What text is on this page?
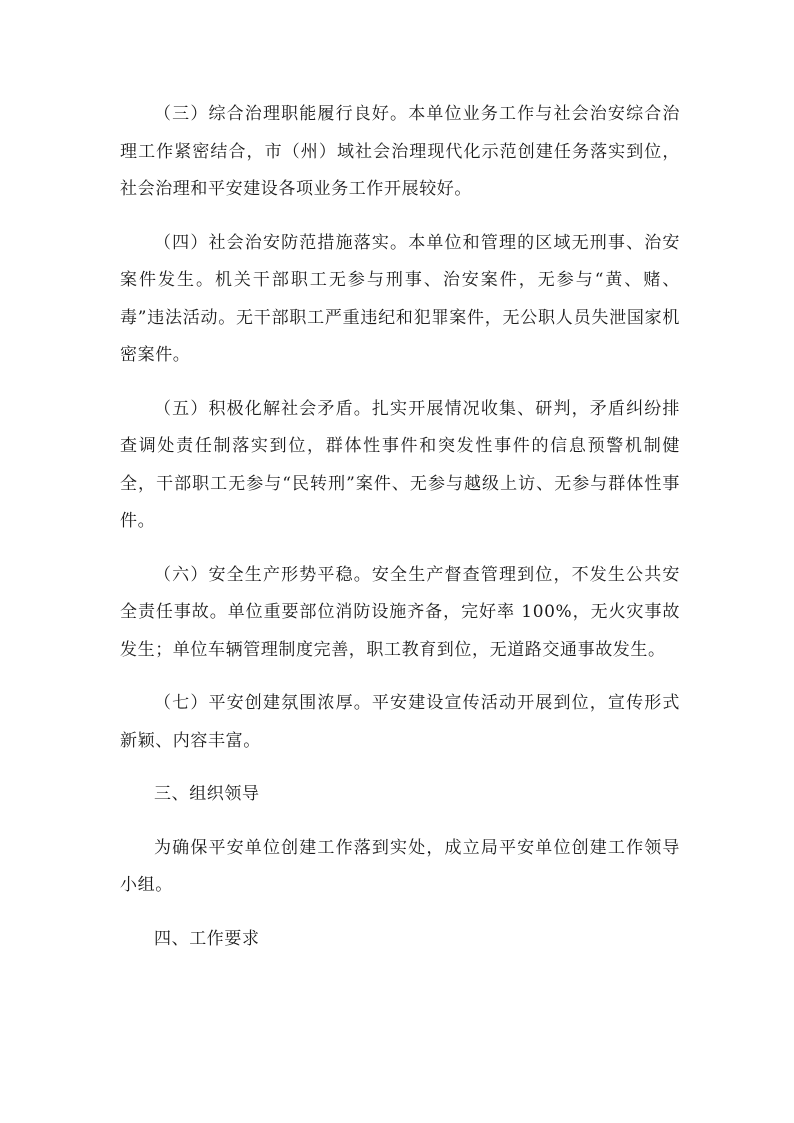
（三）综合治理职能履行良好。本单位业务工作与社会治安综合治理工作紧密结合，市（州）域社会治理现代化示范创建任务落实到位，社会治理和平安建设各项业务工作开展较好。

（四）社会治安防范措施落实。本单位和管理的区域无刑事、治安案件发生。机关干部职工无参与刑事、治安案件，无参与“黄、赌、毒”违法活动。无干部职工严重违纪和犯罪案件，无公职人员失泄国家机密案件。

（五）积极化解社会矛盾。扎实开展情况收集、研判，矛盾纠纷排查调处责任制落实到位，群体性事件和突发性事件的信息预警机制健全，干部职工无参与“民转刑”案件、无参与越级上访、无参与群体性事件。

（六）安全生产形势平稳。安全生产督查管理到位，不发生公共安全责任事故。单位重要部位消防设施齐备，完好率 100%，无火灾事故发生；单位车辆管理制度完善，职工教育到位，无道路交通事故发生。

（七）平安创建氛围浓厚。平安建设宣传活动开展到位，宣传形式新颖、内容丰富。

三、组织领导

为确保平安单位创建工作落到实处，成立局平安单位创建工作领导小组。

四、工作要求
